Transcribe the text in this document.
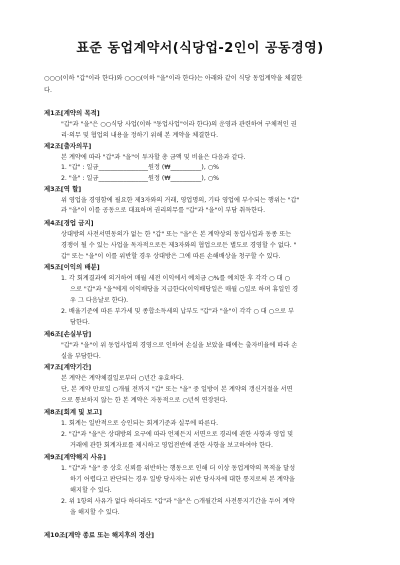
표준 동업계약서(식당업-2인이 공동경영)
○○○(이하 "갑"이라 한다)와 ○○○(이하 "을"이라 한다)는 아래와 같이 식당 동업계약을 체결한
다.
제1조[계약의 목적]
"갑"과 "을"은 ○○식당 사업(이하 "동업사업"이라 한다)의 운영과 관련하여 구체적인 권
리·의무 및 협업의 내용을 정하기 위해 본 계약을 체결한다.
제2조[출자의무]
본 계약에 따라 "갑"과 "을"이 투자할 총 금액 및 비율은 다음과 같다.
1. "갑" : 일금________________원정 (₩__________), ○%
2. "을" : 일금________________원정 (₩__________), ○%
제3조[역 할]
위 영업을 경영함에 필요한 제3자와의 거래, 영업명의, 기타 영업에 부수되는 행위는 "갑"
과 "을"이 이를 공동으로 대표하며 권리의무를 "갑"과 "을"이 부담 취득한다.
제4조[경업 금지]
상대방의 사전서면동의가 없는 한 "갑" 또는 "을"은 본 계약상의 동업사업과 동종 또는
경쟁이 될 수 있는 사업을 독자적으로든 제3자와의 협업으로든 별도로 경영할 수 없다. "
갑" 또는 "을"이 이를 위반할 경우 상대방은 그에 따른 손해배상을 청구할 수 있다.
제5조[이익의 배분]
1. 각 회계결과에 의거하여 매월 세전 이익에서 예치금 ○%를 예치한 후 각각 ○ 대 ○
으로 "갑"과 "을"에게 이익배당을 지급한다(이익배당일은 매월 ○일로 하며 휴일인 경
우 그 다음날로 한다).
2. 배율기준에 따른 부가세 및 종합소득세의 납부도 "갑"과 "을"이 각각 ○ 대 ○으로 부
담한다.
제6조[손실부담]
"갑"과 "을"이 위 동업사업의 경영으로 인하여 손실을 보았을 때에는 출자비율에 따라 손
실을 부담한다.
제7조[계약기간]
본 계약은 계약체결일로부터 ○년간 유효하다.
단, 본 계약 만료일 ○개월 전까지 "갑" 또는 "을" 중 일방이 본 계약의 갱신거절을 서면
으로 통보하지 않는 한 본 계약은 자동적으로 ○년씩 연장된다.
제8조[회계 및 보고]
1. 회계는 일반적으로 승인되는 회계기준과 실무에 따른다.
2. "갑"과 "을"은 상대방의 요구에 따라 언제든지 서면으로 경리에 관한 사항과 영업 및
거래에 관한 회계자료를 제시하고 영업전반에 관한 사항을 보고하여야 한다.
제9조[계약해지 사유]
1. "갑"과 "을" 중 상호 신뢰를 위반하는 행동으로 인해 더 이상 동업계약의 목적을 달성
하기 어렵다고 판단되는 경우 일방 당사자는 위반 당사자에 대한 통지로써 본 계약을
해지할 수 있다.
2. 위 1항의 사유가 없다 하더라도 "갑"과 "을"은 ○개월간의 사전통지기간을 두어 계약
을 해지할 수 있다.
제10조[계약 종료 또는 해지후의 정산]
